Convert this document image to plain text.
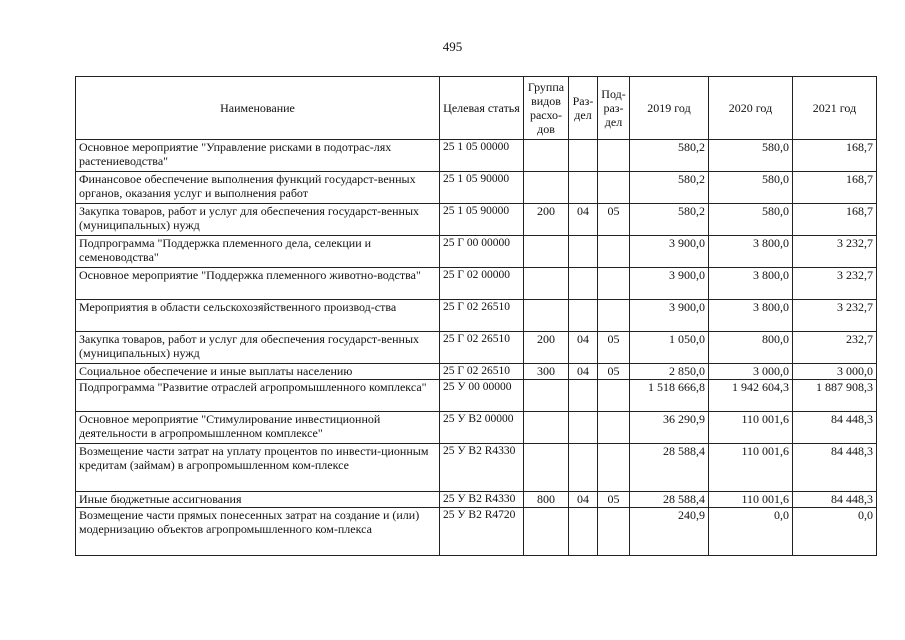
495
Наименование	Целевая статья	Группа видов расхо-дов	Раз-дел	Под-раз-дел	2019 год	2020 год	2021 год
Основное мероприятие "Управление рисками в подотрас-лях растениеводства"	25 1 05 00000				580,2	580,0	168,7
Финансовое обеспечение выполнения функций государст-венных органов, оказания услуг и выполнения работ	25 1 05 90000				580,2	580,0	168,7
Закупка товаров, работ и услуг для обеспечения государст-венных (муниципальных) нужд	25 1 05 90000	200	04	05	580,2	580,0	168,7
Подпрограмма "Поддержка племенного дела, селекции и семеноводства"	25 Г 00 00000				3 900,0	3 800,0	3 232,7
Основное мероприятие "Поддержка племенного животно-водства"	25 Г 02 00000				3 900,0	3 800,0	3 232,7
Мероприятия в области сельскохозяйственного производ-ства	25 Г 02 26510				3 900,0	3 800,0	3 232,7
Закупка товаров, работ и услуг для обеспечения государст-венных (муниципальных) нужд	25 Г 02 26510	200	04	05	1 050,0	800,0	232,7
Социальное обеспечение и иные выплаты населению	25 Г 02 26510	300	04	05	2 850,0	3 000,0	3 000,0
Подпрограмма "Развитие отраслей агропромышленного комплекса"	25 У 00 00000				1 518 666,8	1 942 604,3	1 887 908,3
Основное мероприятие "Стимулирование инвестиционной деятельности в агропромышленном комплексе"	25 У В2 00000				36 290,9	110 001,6	84 448,3
Возмещение части затрат на уплату процентов по инвести-ционным кредитам (займам) в агропромышленном ком-плексе	25 У В2 R4330				28 588,4	110 001,6	84 448,3
Иные бюджетные ассигнования	25 У В2 R4330	800	04	05	28 588,4	110 001,6	84 448,3
Возмещение части прямых понесенных затрат на создание и (или) модернизацию объектов агропромышленного ком-плекса	25 У В2 R4720				240,9	0,0	0,0
